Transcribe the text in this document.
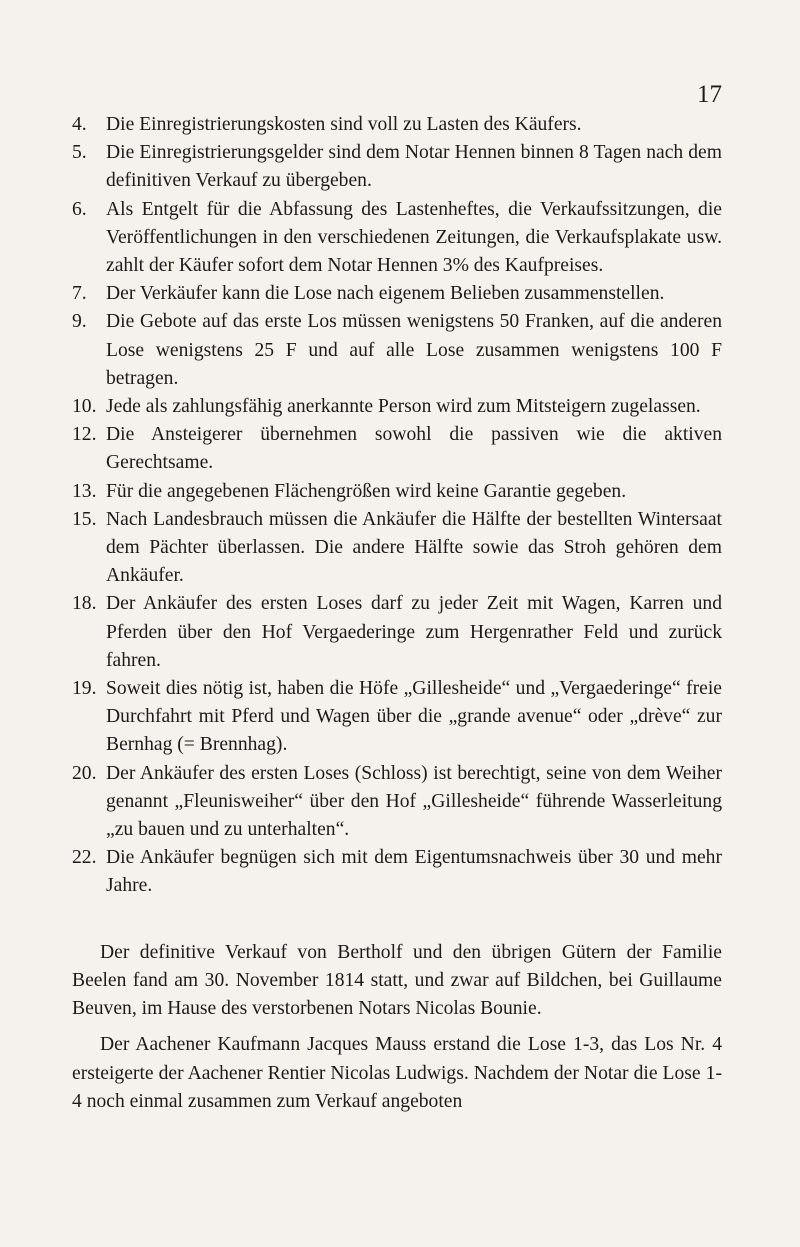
17
4. Die Einregistrierungskosten sind voll zu Lasten des Käufers.
5. Die Einregistrierungsgelder sind dem Notar Hennen binnen 8 Tagen nach dem definitiven Verkauf zu übergeben.
6. Als Entgelt für die Abfassung des Lastenheftes, die Verkaufssitzungen, die Veröffentlichungen in den verschiedenen Zeitungen, die Verkaufsplakate usw. zahlt der Käufer sofort dem Notar Hennen 3% des Kaufpreises.
7. Der Verkäufer kann die Lose nach eigenem Belieben zusammenstellen.
9. Die Gebote auf das erste Los müssen wenigstens 50 Franken, auf die anderen Lose wenigstens 25 F und auf alle Lose zusammen wenigstens 100 F betragen.
10. Jede als zahlungsfähig anerkannte Person wird zum Mitsteigern zugelassen.
12. Die Ansteigerer übernehmen sowohl die passiven wie die aktiven Gerechtsame.
13. Für die angegebenen Flächengrößen wird keine Garantie gegeben.
15. Nach Landesbrauch müssen die Ankäufer die Hälfte der bestellten Wintersaat dem Pächter überlassen. Die andere Hälfte sowie das Stroh gehören dem Ankäufer.
18. Der Ankäufer des ersten Loses darf zu jeder Zeit mit Wagen, Karren und Pferden über den Hof Vergaederinge zum Hergenrather Feld und zurück fahren.
19. Soweit dies nötig ist, haben die Höfe „Gillesheide“ und „Vergaederinge“ freie Durchfahrt mit Pferd und Wagen über die „grande avenue“ oder „drève“ zur Bernhag (= Brennhag).
20. Der Ankäufer des ersten Loses (Schloss) ist berechtigt, seine von dem Weiher genannt „Fleunisweiher“ über den Hof „Gillesheide“ führende Wasserleitung „zu bauen und zu unterhalten“.
22. Die Ankäufer begnügen sich mit dem Eigentumsnachweis über 30 und mehr Jahre.

Der definitive Verkauf von Bertholf und den übrigen Gütern der Familie Beelen fand am 30. November 1814 statt, und zwar auf Bildchen, bei Guillaume Beuven, im Hause des verstorbenen Notars Nicolas Bounie.

Der Aachener Kaufmann Jacques Mauss erstand die Lose 1-3, das Los Nr. 4 ersteigerte der Aachener Rentier Nicolas Ludwigs. Nachdem der Notar die Lose 1- 4 noch einmal zusammen zum Verkauf angeboten
